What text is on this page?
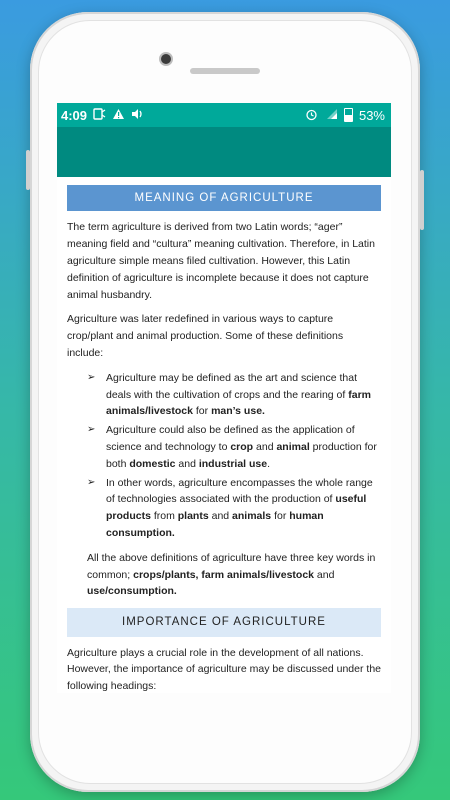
4:09	53%
MEANING OF AGRICULTURE

The term agriculture is derived from two Latin words; “ager” meaning field and “cultura” meaning cultivation. Therefore, in Latin agriculture simple means filed cultivation. However, this Latin definition of agriculture is incomplete because it does not capture animal husbandry.

Agriculture was later redefined in various ways to capture crop/plant and animal production. Some of these definitions include:

➢	Agriculture may be defined as the art and science that deals with the cultivation of crops and the rearing of farm animals/livestock for man’s use.
➢	Agriculture could also be defined as the application of science and technology to crop and animal production for both domestic and industrial use.
➢	In other words, agriculture encompasses the whole range of technologies associated with the production of useful products from plants and animals for human consumption.

All the above definitions of agriculture have three key words in common; crops/plants, farm animals/livestock and use/consumption.

IMPORTANCE OF AGRICULTURE

Agriculture plays a crucial role in the development of all nations. However, the importance of agriculture may be discussed under the following headings:
